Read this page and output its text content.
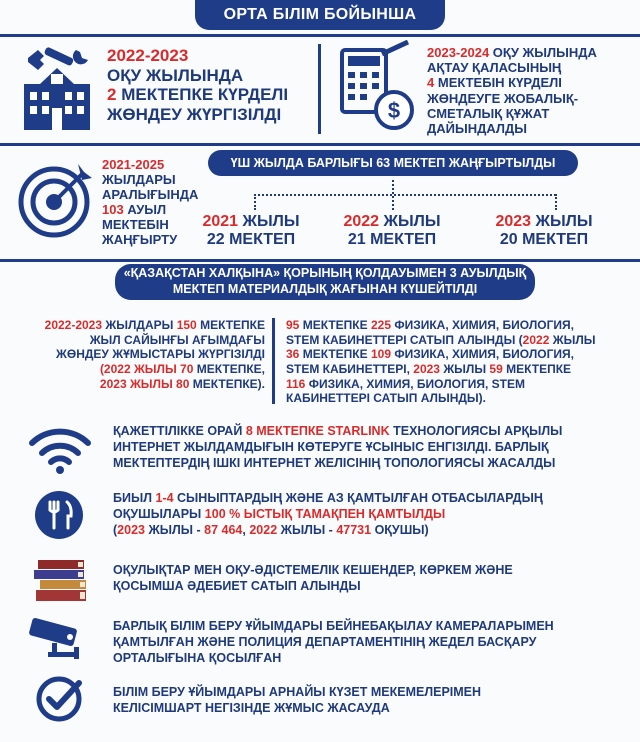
ОРТА БІЛІМ БОЙЫНША
2022-2023
ОҚУ ЖЫЛЫНДА
2 МЕКТЕПКЕ КҮРДЕЛІ
ЖӨНДЕУ ЖҮРГІЗІЛДІ	$
2023-2024 ОҚУ ЖЫЛЫНДА
АҚТАУ ҚАЛАСЫНЫҢ
4 МЕКТЕБІН КҮРДЕЛІ
ЖӨНДЕУГЕ ЖОБАЛЫҚ-
СМЕТАЛЫҚ ҚҰЖАТ
ДАЙЫНДАЛДЫ
2021-2025
ЖЫЛДАРЫ
АРАЛЫҒЫНДА
103 АУЫЛ
МЕКТЕБІН
ЖАҢҒЫРТУ
ҮШ ЖЫЛДА БАРЛЫҒЫ 63 МЕКТЕП ЖАҢҒЫРТЫЛДЫ
2021 ЖЫЛЫ
22 МЕКТЕП
2022 ЖЫЛЫ
21 МЕКТЕП
2023 ЖЫЛЫ
20 МЕКТЕП
«ҚАЗАҚСТАН ХАЛҚЫНА» ҚОРЫНЫҢ ҚОЛДАУЫМЕН 3 АУЫЛДЫҚ
МЕКТЕП МАТЕРИАЛДЫҚ ЖАҒЫНАН КҮШЕЙТІЛДІ
2022-2023 ЖЫЛДАРЫ 150 МЕКТЕПКЕ
ЖЫЛ САЙЫНҒЫ АҒЫМДАҒЫ
ЖӨНДЕУ ЖҰМЫСТАРЫ ЖҮРГІЗІЛДІ
(2022 ЖЫЛЫ 70 МЕКТЕПКЕ,
2023 ЖЫЛЫ 80 МЕКТЕПКЕ).
95 МЕКТЕПКЕ 225 ФИЗИКА, ХИМИЯ, БИОЛОГИЯ,
STEM КАБИНЕТТЕРІ САТЫП АЛЫНДЫ (2022 ЖЫЛЫ
36 МЕКТЕПКЕ 109 ФИЗИКА, ХИМИЯ, БИОЛОГИЯ,
STEM КАБИНЕТТЕРІ, 2023 ЖЫЛЫ 59 МЕКТЕПКЕ
116 ФИЗИКА, ХИМИЯ, БИОЛОГИЯ, STEM
КАБИНЕТТЕРІ САТЫП АЛЫНДЫ).
ҚАЖЕТТІЛІККЕ ОРАЙ 8 МЕКТЕПКЕ STARLINK ТЕХНОЛОГИЯСЫ АРҚЫЛЫ
ИНТЕРНЕТ ЖЫЛДАМДЫҒЫН КӨТЕРУГЕ ҰСЫНЫС ЕНГІЗІЛДІ. БАРЛЫҚ
МЕКТЕПТЕРДІҢ ІШКІ ИНТЕРНЕТ ЖЕЛІСІНІҢ ТОПОЛОГИЯСЫ ЖАСАЛДЫ
БИЫЛ 1-4 СЫНЫПТАРДЫҢ ЖӘНЕ АЗ ҚАМТЫЛҒАН ОТБАСЫЛАРДЫҢ
ОҚУШЫЛАРЫ 100 % ЫСТЫҚ ТАМАҚПЕН ҚАМТЫЛДЫ
(2023 ЖЫЛЫ - 87 464, 2022 ЖЫЛЫ - 47731 ОҚУШЫ)
ОҚУЛЫҚТАР МЕН ОҚУ-ӘДІСТЕМЕЛІК КЕШЕНДЕР, КӨРКЕМ ЖӘНЕ
ҚОСЫМША ӘДЕБИЕТ САТЫП АЛЫНДЫ
БАРЛЫҚ БІЛІМ БЕРУ ҰЙЫМДАРЫ БЕЙНЕБАҚЫЛАУ КАМЕРАЛАРЫМЕН
ҚАМТЫЛҒАН ЖӘНЕ ПОЛИЦИЯ ДЕПАРТАМЕНТІНІҢ ЖЕДЕЛ БАСҚАРУ
ОРТАЛЫҒЫНА ҚОСЫЛҒАН
БІЛІМ БЕРУ ҰЙЫМДАРЫ АРНАЙЫ КҮЗЕТ МЕКЕМЕЛЕРІМЕН
КЕЛІСІМШАРТ НЕГІЗІНДЕ ЖҰМЫС ЖАСАУДА
